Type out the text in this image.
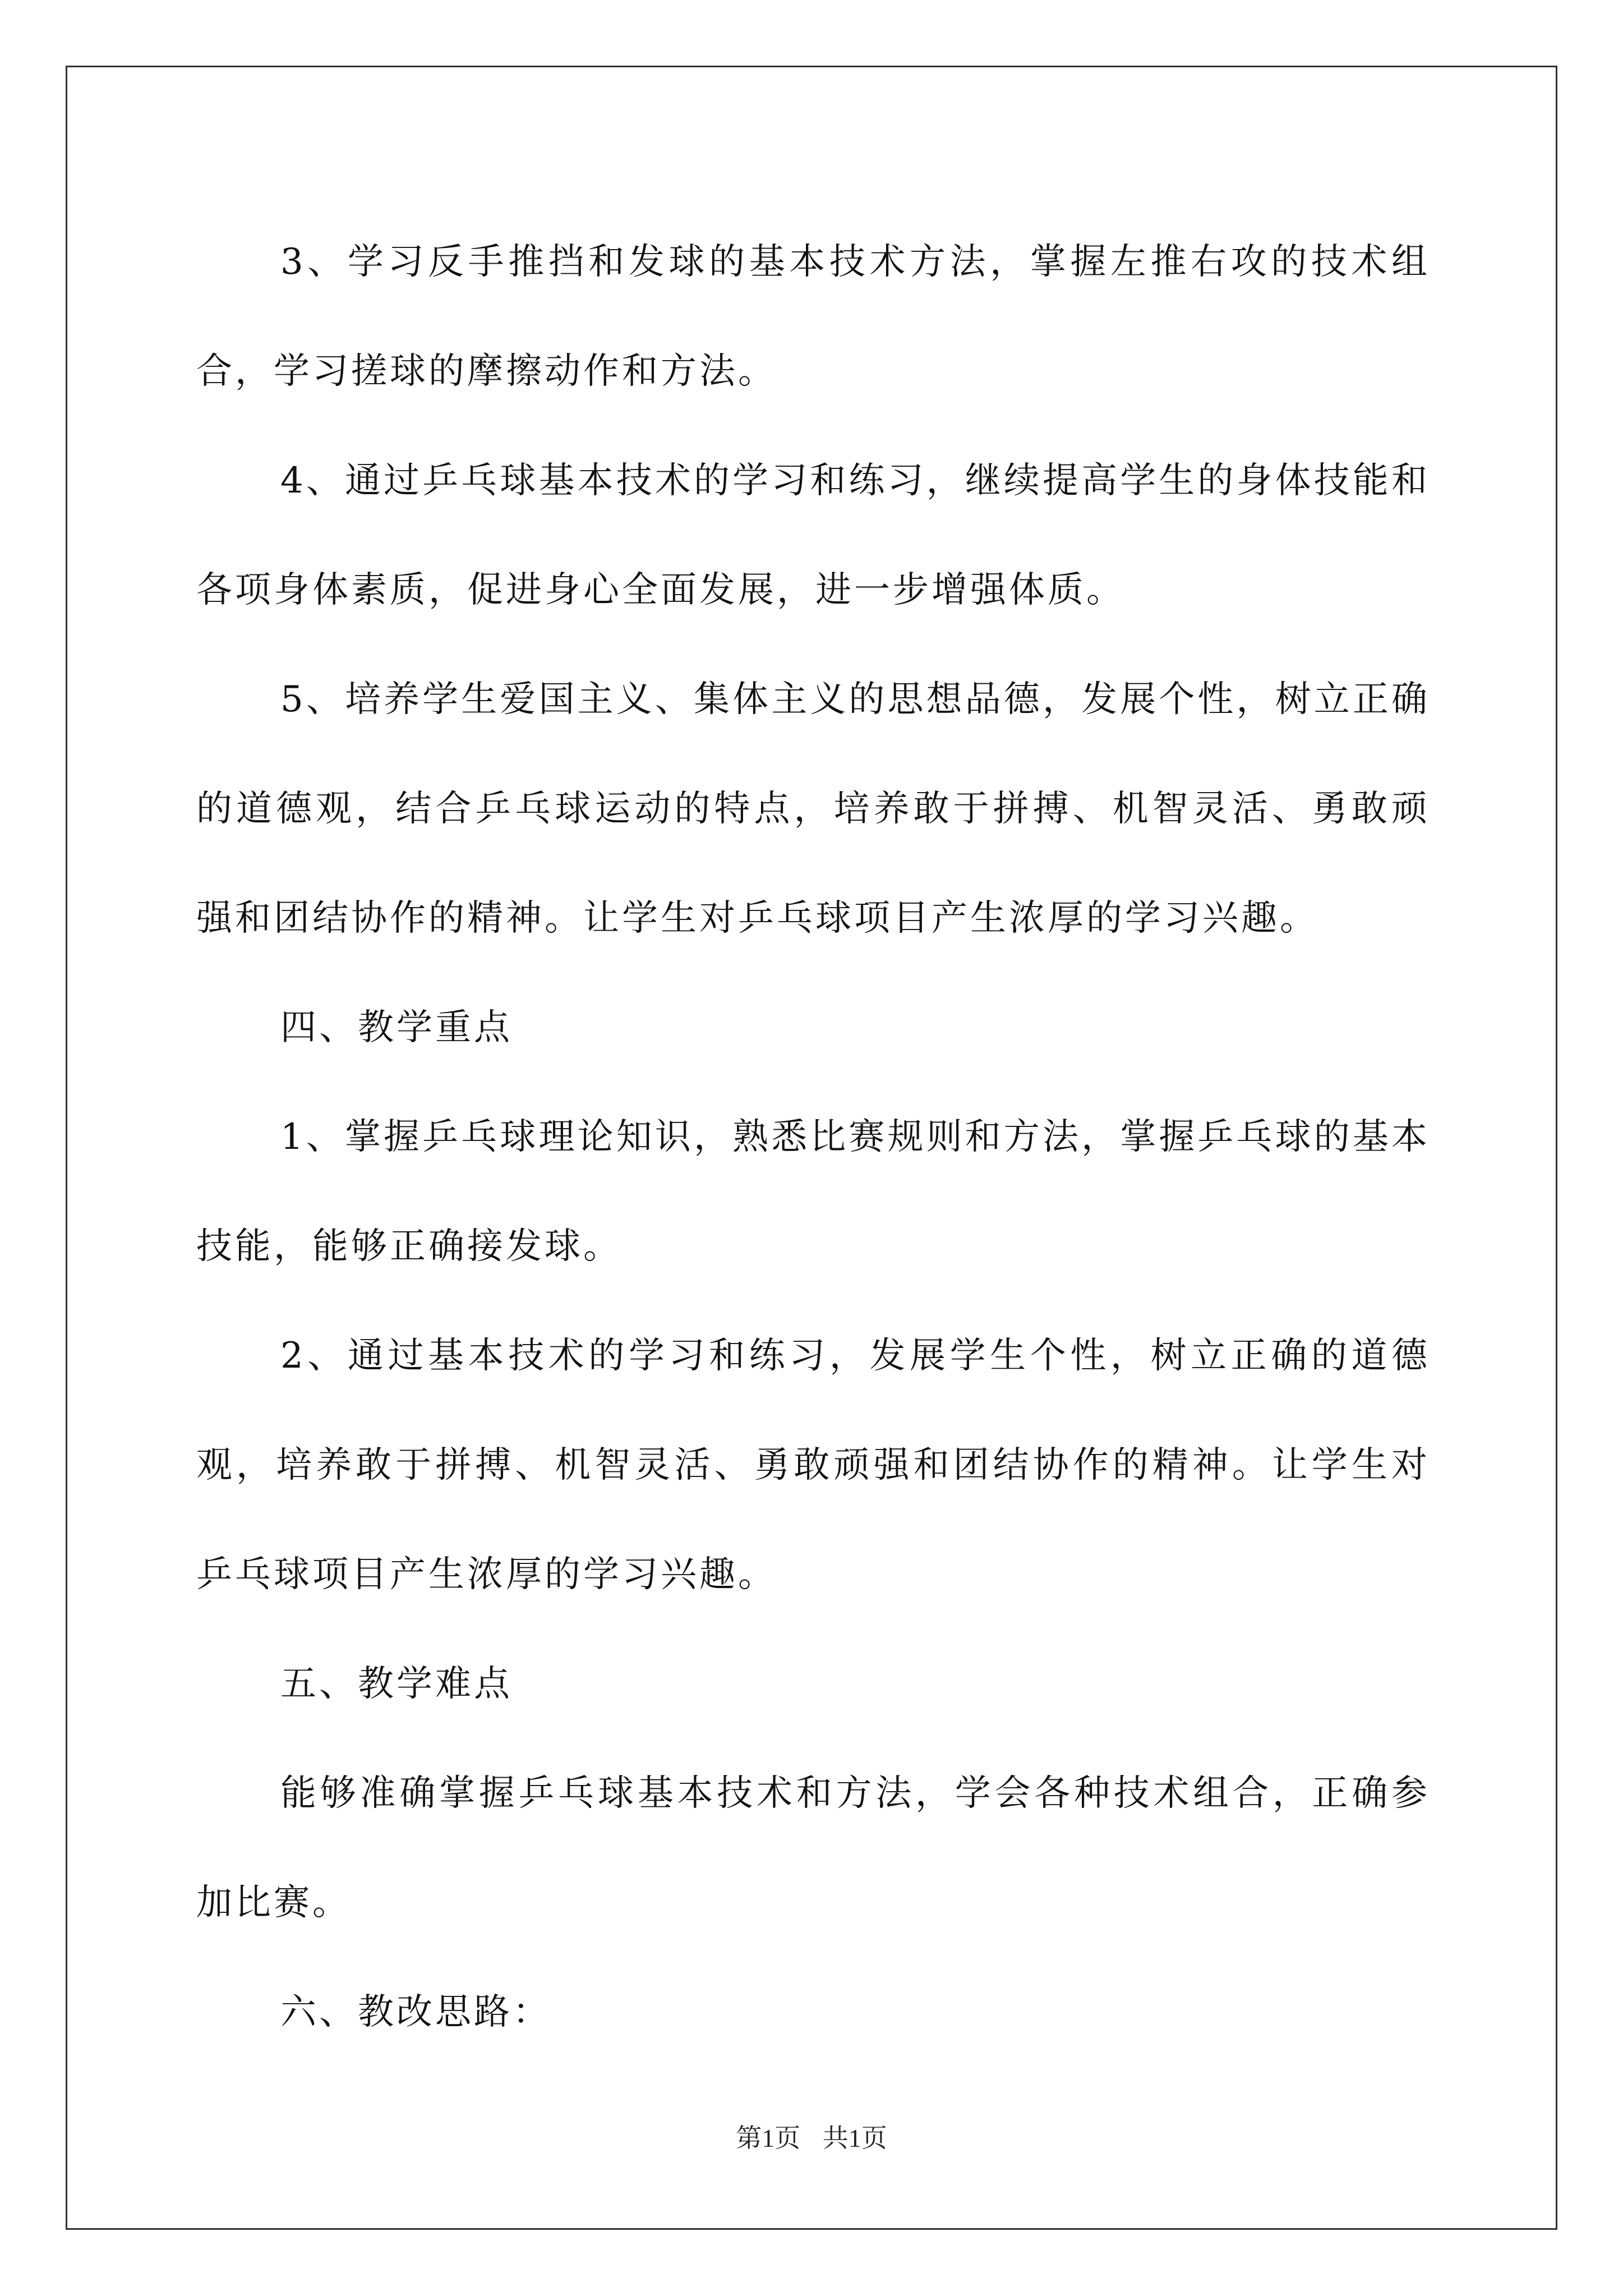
3、学习反手推挡和发球的基本技术方法，掌握左推右攻的技术组合，学习搓球的摩擦动作和方法。

4、通过乒乓球基本技术的学习和练习，继续提高学生的身体技能和各项身体素质，促进身心全面发展，进一步增强体质。

5、培养学生爱国主义、集体主义的思想品德，发展个性，树立正确的道德观，结合乒乓球运动的特点，培养敢于拼搏、机智灵活、勇敢顽强和团结协作的精神。让学生对乒乓球项目产生浓厚的学习兴趣。

四、教学重点

1、掌握乒乓球理论知识，熟悉比赛规则和方法，掌握乒乓球的基本技能，能够正确接发球。

2、通过基本技术的学习和练习，发展学生个性，树立正确的道德观，培养敢于拼搏、机智灵活、勇敢顽强和团结协作的精神。让学生对乒乓球项目产生浓厚的学习兴趣。

五、教学难点

能够准确掌握乒乓球基本技术和方法，学会各种技术组合，正确参加比赛。

六、教改思路：

第1页 共1页
